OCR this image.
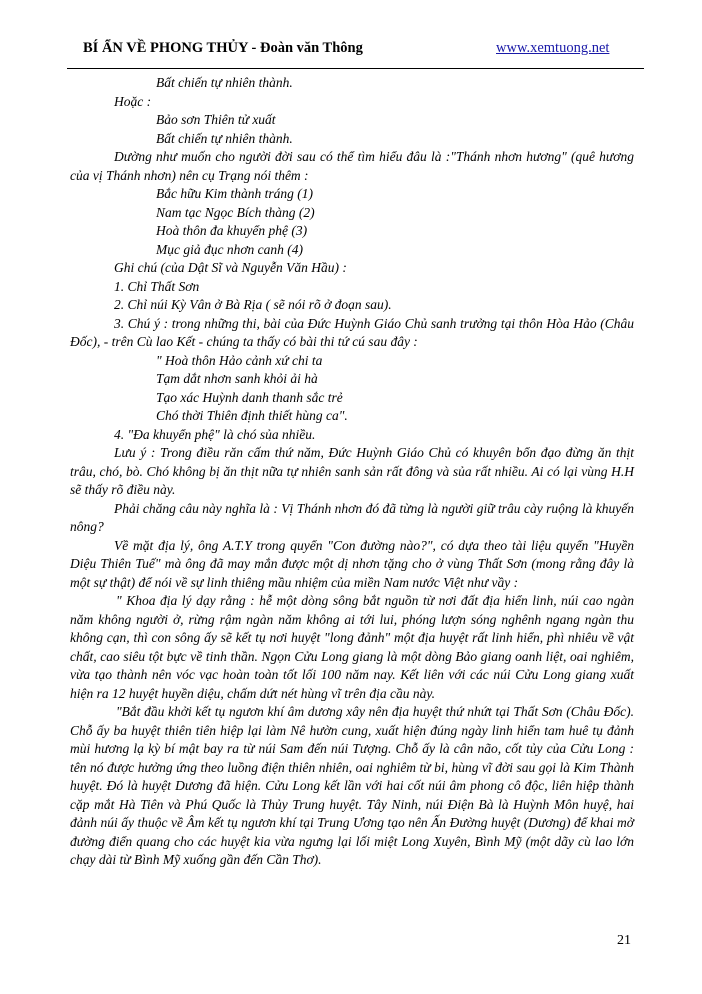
BÍ ẨN VỀ PHONG THỦY - Đoàn văn Thông	www.xemtuong.net

Bất chiến tự nhiên thành.

Hoặc :

Bảo sơn Thiên tử xuất

Bất chiến tự nhiên thành.

Dường như muốn cho người đời sau có thể tìm hiểu đâu là :"Thánh nhơn hương" (quê hương của vị Thánh nhơn) nên cụ Trạng nói thêm :

Bắc hữu Kim thành tráng (1)

Nam tạc Ngọc Bích thàng (2)

Hoà thôn đa khuyển phệ (3)

Mục giả đục nhơn canh (4)

Ghi chú (của Dật Sĩ và Nguyễn Văn Hầu) :

1. Chỉ Thất Sơn

2. Chỉ núi Kỳ Vân ở Bà Rịa ( sẽ nói rõ ở đoạn sau).

3. Chú ý : trong những thi, bài của Đức Huỳnh Giáo Chủ sanh trưởng tại thôn Hòa Hảo (Châu Đốc), - trên Cù lao Kết - chúng ta thấy có bài thi tứ cú sau đây :

" Hoà thôn Hảo cảnh xứ chi ta

Tạm dắt nhơn sanh khỏi ải hà

Tạo xác Huỳnh danh thanh sắc trẻ

Chó thời Thiên định thiết hùng ca".

4. "Đa khuyển phệ" là chó sủa nhiều.

Lưu ý : Trong điều răn cấm thứ năm, Đức Huỳnh Giáo Chủ có khuyên bổn đạo đừng ăn thịt trâu, chó, bò. Chó không bị ăn thịt nữa tự nhiên sanh sản rất đông và sủa rất nhiều. Ai có lại vùng H.H sẽ thấy rõ điều này.

Phải chăng câu này nghĩa là : Vị Thánh nhơn đó đã từng là người giữ trâu cày ruộng là khuyến nông?

Về mặt địa lý, ông A.T.Y trong quyển "Con đường nào?", có dựa theo tài liệu quyển "Huyền Diệu Thiên Tuế" mà ông đã may mắn được một dị nhơn tặng cho ở vùng Thất Sơn (mong rằng đây là một sự thật) để nói về sự linh thiêng mầu nhiệm của miền Nam nước Việt như vầy :

" Khoa địa lý dạy rằng : hễ một dòng sông bắt nguồn từ nơi đất địa hiển linh, núi cao ngàn năm không người ở, rừng rậm ngàn năm không ai tới lui, phóng lượn sóng nghênh ngang ngàn thu không cạn, thì con sông ấy sẽ kết tụ nơi huyệt "long đảnh" một địa huyệt rất linh hiển, phì nhiêu về vật chất, cao siêu tột bực về tinh thần. Ngọn Cửu Long giang là một dòng Bảo giang oanh liệt, oai nghiêm, vừa tạo thành nên vóc vạc hoàn toàn tốt lối 100 năm nay. Kết liên với các núi Cửu Long giang xuất hiện ra 12 huyệt huyền diệu, chấm dứt nét hùng vĩ trên địa cầu này.

"Bắt đầu khởi kết tụ ngươn khí âm dương xây nên địa huyệt thứ nhứt tại Thất Sơn (Châu Đốc). Chỗ ấy ba huyệt thiên tiên hiệp lại làm Nê hườn cung, xuất hiện đúng ngày linh hiển tam huê tụ đảnh mùi hương lạ kỳ bí mật bay ra từ núi Sam đến núi Tượng. Chỗ ấy là cân não, cốt tủy của Cửu Long : tên nó được hưởng ứng theo luồng điện thiên nhiên, oai nghiêm từ bi, hùng vĩ đời sau gọi là Kim Thành huyệt. Đó là huyệt Dương đã hiện. Cửu Long kết lần với hai cốt núi âm phong cô độc, liên hiệp thành cặp mắt Hà Tiên và Phú Quốc là Thủy Trung huyệt. Tây Ninh, núi Điện Bà là Huỳnh Môn huyệ, hai đảnh núi ấy thuộc về Âm kết tụ ngươn khí tại Trung Ương tạo nên Ấn Đường huyệt (Dương) để khai mở đường điển quang cho các huyệt kia vừa ngưng lại lối miệt Long Xuyên, Bình Mỹ (một dãy cù lao lớn chạy dài từ Bình Mỹ xuống gần đến Cần Thơ).

21
